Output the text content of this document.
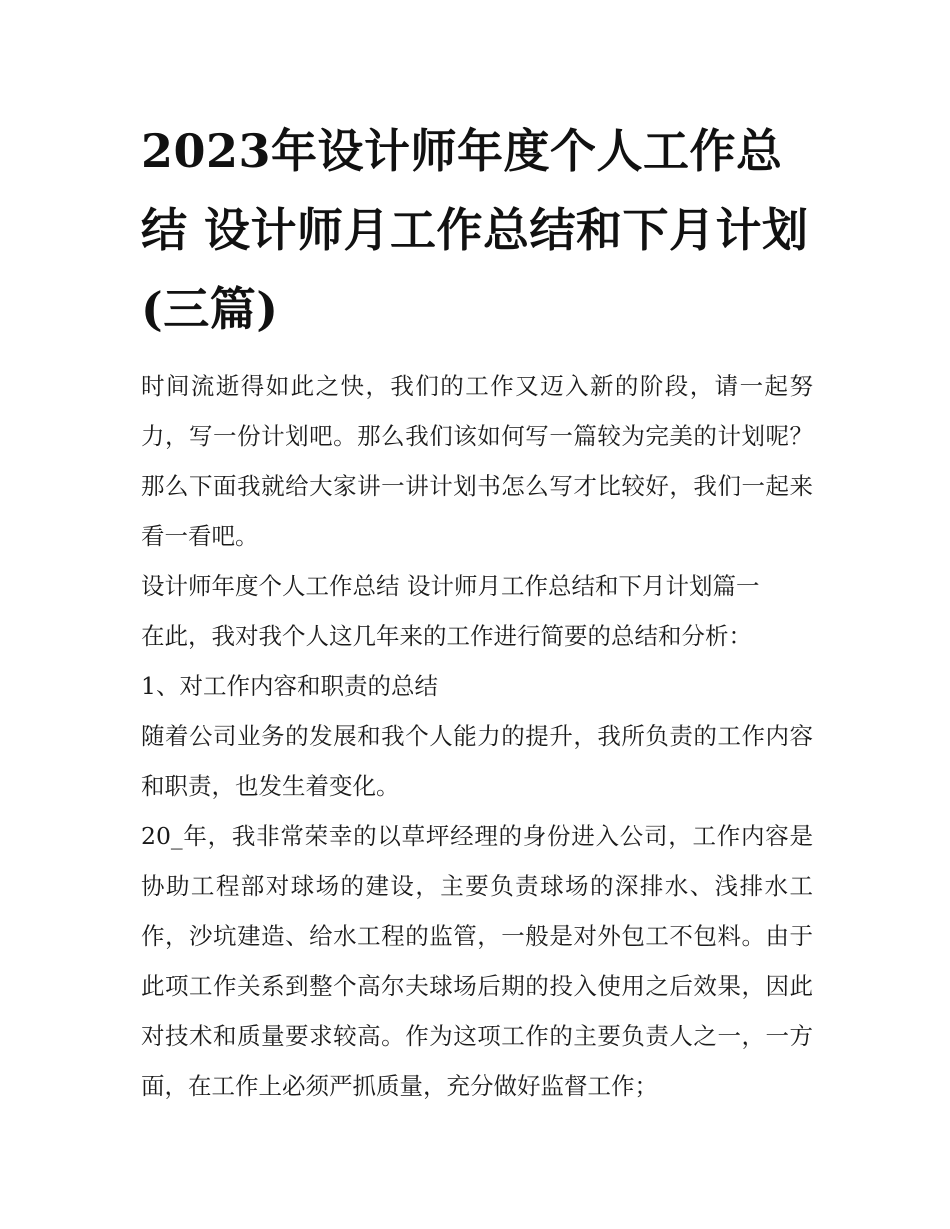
2023年设计师年度个人工作总结 设计师月工作总结和下月计划(三篇)

时间流逝得如此之快，我们的工作又迈入新的阶段，请一起努力，写一份计划吧。那么我们该如何写一篇较为完美的计划呢？那么下面我就给大家讲一讲计划书怎么写才比较好，我们一起来看一看吧。

设计师年度个人工作总结 设计师月工作总结和下月计划篇一

在此，我对我个人这几年来的工作进行简要的总结和分析：

1、对工作内容和职责的总结

随着公司业务的发展和我个人能力的提升，我所负责的工作内容和职责，也发生着变化。

20_年，我非常荣幸的以草坪经理的身份进入公司，工作内容是协助工程部对球场的建设，主要负责球场的深排水、浅排水工作，沙坑建造、给水工程的监管，一般是对外包工不包料。由于此项工作关系到整个高尔夫球场后期的投入使用之后效果，因此对技术和质量要求较高。作为这项工作的主要负责人之一，一方面，在工作上必须严抓质量，充分做好监督工作；
